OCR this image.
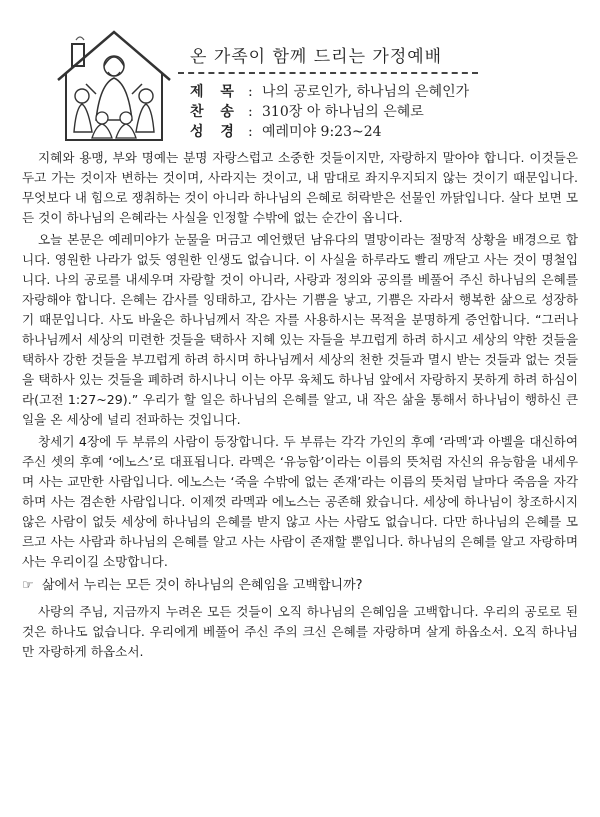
온 가족이 함께 드리는 가정예배
제 목 : 나의 공로인가, 하나님의 은혜인가
찬 송 : 310장 아 하나님의 은혜로
성 경 : 예레미야 9:23~24

지혜와 용맹, 부와 명예는 분명 자랑스럽고 소중한 것들이지만, 자랑하지 말아야 합니다. 이것들은 두고 가는 것이자 변하는 것이며, 사라지는 것이고, 내 맘대로 좌지우지되지 않는 것이기 때문입니다. 무엇보다 내 힘으로 쟁취하는 것이 아니라 하나님의 은혜로 허락받은 선물인 까닭입니다. 살다 보면 모든 것이 하나님의 은혜라는 사실을 인정할 수밖에 없는 순간이 옵니다.

오늘 본문은 예레미야가 눈물을 머금고 예언했던 남유다의 멸망이라는 절망적 상황을 배경으로 합니다. 영원한 나라가 없듯 영원한 인생도 없습니다. 이 사실을 하루라도 빨리 깨닫고 사는 것이 명철입니다. 나의 공로를 내세우며 자랑할 것이 아니라, 사랑과 정의와 공의를 베풀어 주신 하나님의 은혜를 자랑해야 합니다. 은혜는 감사를 잉태하고, 감사는 기쁨을 낳고, 기쁨은 자라서 행복한 삶으로 성장하기 때문입니다. 사도 바울은 하나님께서 작은 자를 사용하시는 목적을 분명하게 증언합니다. “그러나 하나님께서 세상의 미련한 것들을 택하사 지혜 있는 자들을 부끄럽게 하려 하시고 세상의 약한 것들을 택하사 강한 것들을 부끄럽게 하려 하시며 하나님께서 세상의 천한 것들과 멸시 받는 것들과 없는 것들을 택하사 있는 것들을 폐하려 하시나니 이는 아무 육체도 하나님 앞에서 자랑하지 못하게 하려 하심이라(고전 1:27~29).” 우리가 할 일은 하나님의 은혜를 알고, 내 작은 삶을 통해서 하나님이 행하신 큰일을 온 세상에 널리 전파하는 것입니다.

창세기 4장에 두 부류의 사람이 등장합니다. 두 부류는 각각 가인의 후예 ‘라멕’과 아벨을 대신하여 주신 셋의 후예 ‘에노스’로 대표됩니다. 라멕은 ‘유능함’이라는 이름의 뜻처럼 자신의 유능함을 내세우며 사는 교만한 사람입니다. 에노스는 ‘죽을 수밖에 없는 존재’라는 이름의 뜻처럼 날마다 죽음을 자각하며 사는 겸손한 사람입니다. 이제껏 라멕과 에노스는 공존해 왔습니다. 세상에 하나님이 창조하시지 않은 사람이 없듯 세상에 하나님의 은혜를 받지 않고 사는 사람도 없습니다. 다만 하나님의 은혜를 모르고 사는 사람과 하나님의 은혜를 알고 사는 사람이 존재할 뿐입니다. 하나님의 은혜를 알고 자랑하며 사는 우리이길 소망합니다.

☞ 삶에서 누리는 모든 것이 하나님의 은혜임을 고백합니까?

사랑의 주님, 지금까지 누려온 모든 것들이 오직 하나님의 은혜임을 고백합니다. 우리의 공로로 된 것은 하나도 없습니다. 우리에게 베풀어 주신 주의 크신 은혜를 자랑하며 살게 하옵소서. 오직 하나님만 자랑하게 하옵소서.
